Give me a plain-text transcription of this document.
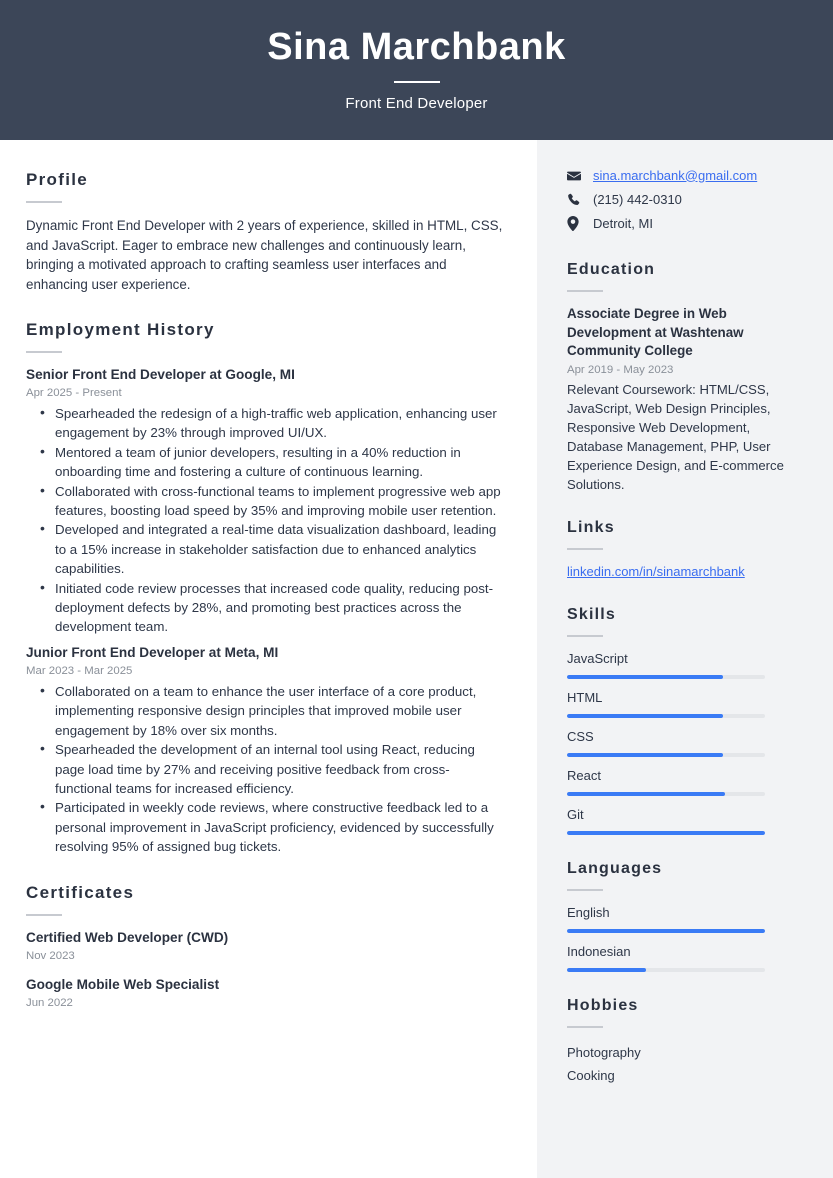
Sina Marchbank
Front End Developer
Profile

Dynamic Front End Developer with 2 years of experience, skilled in HTML, CSS, and JavaScript. Eager to embrace new challenges and continuously learn, bringing a motivated approach to crafting seamless user interfaces and enhancing user experience.

Employment History
Senior Front End Developer at Google, MI
Apr 2025 - Present
• Spearheaded the redesign of a high-traffic web application, enhancing user engagement by 23% through improved UI/UX.
• Mentored a team of junior developers, resulting in a 40% reduction in onboarding time and fostering a culture of continuous learning.
• Collaborated with cross-functional teams to implement progressive web app features, boosting load speed by 35% and improving mobile user retention.
• Developed and integrated a real-time data visualization dashboard, leading to a 15% increase in stakeholder satisfaction due to enhanced analytics capabilities.
• Initiated code review processes that increased code quality, reducing post-deployment defects by 28%, and promoting best practices across the development team.
Junior Front End Developer at Meta, MI
Mar 2023 - Mar 2025
• Collaborated on a team to enhance the user interface of a core product, implementing responsive design principles that improved mobile user engagement by 18% over six months.
• Spearheaded the development of an internal tool using React, reducing page load time by 27% and receiving positive feedback from cross-functional teams for increased efficiency.
• Participated in weekly code reviews, where constructive feedback led to a personal improvement in JavaScript proficiency, evidenced by successfully resolving 95% of assigned bug tickets.
Certificates
Certified Web Developer (CWD)
Nov 2023
Google Mobile Web Specialist
Jun 2022
sina.marchbank@gmail.com
(215) 442-0310
Detroit, MI
Education
Associate Degree in Web Development at Washtenaw Community College
Apr 2019 - May 2023

Relevant Coursework: HTML/CSS, JavaScript, Web Design Principles, Responsive Web Development, Database Management, PHP, User Experience Design, and E-commerce Solutions.

Links
linkedin.com/in/sinamarchbank
Skills
JavaScript
HTML
CSS
React
Git
Languages
English
Indonesian
Hobbies
Photography
Cooking
